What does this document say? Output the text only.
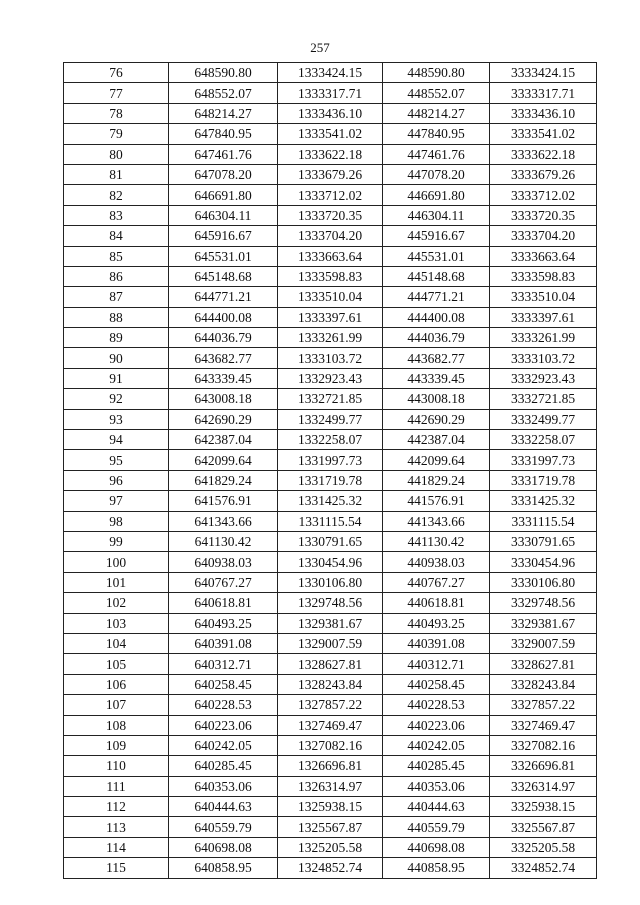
257
76	648590.80	1333424.15	448590.80	3333424.15
77	648552.07	1333317.71	448552.07	3333317.71
78	648214.27	1333436.10	448214.27	3333436.10
79	647840.95	1333541.02	447840.95	3333541.02
80	647461.76	1333622.18	447461.76	3333622.18
81	647078.20	1333679.26	447078.20	3333679.26
82	646691.80	1333712.02	446691.80	3333712.02
83	646304.11	1333720.35	446304.11	3333720.35
84	645916.67	1333704.20	445916.67	3333704.20
85	645531.01	1333663.64	445531.01	3333663.64
86	645148.68	1333598.83	445148.68	3333598.83
87	644771.21	1333510.04	444771.21	3333510.04
88	644400.08	1333397.61	444400.08	3333397.61
89	644036.79	1333261.99	444036.79	3333261.99
90	643682.77	1333103.72	443682.77	3333103.72
91	643339.45	1332923.43	443339.45	3332923.43
92	643008.18	1332721.85	443008.18	3332721.85
93	642690.29	1332499.77	442690.29	3332499.77
94	642387.04	1332258.07	442387.04	3332258.07
95	642099.64	1331997.73	442099.64	3331997.73
96	641829.24	1331719.78	441829.24	3331719.78
97	641576.91	1331425.32	441576.91	3331425.32
98	641343.66	1331115.54	441343.66	3331115.54
99	641130.42	1330791.65	441130.42	3330791.65
100	640938.03	1330454.96	440938.03	3330454.96
101	640767.27	1330106.80	440767.27	3330106.80
102	640618.81	1329748.56	440618.81	3329748.56
103	640493.25	1329381.67	440493.25	3329381.67
104	640391.08	1329007.59	440391.08	3329007.59
105	640312.71	1328627.81	440312.71	3328627.81
106	640258.45	1328243.84	440258.45	3328243.84
107	640228.53	1327857.22	440228.53	3327857.22
108	640223.06	1327469.47	440223.06	3327469.47
109	640242.05	1327082.16	440242.05	3327082.16
110	640285.45	1326696.81	440285.45	3326696.81
111	640353.06	1326314.97	440353.06	3326314.97
112	640444.63	1325938.15	440444.63	3325938.15
113	640559.79	1325567.87	440559.79	3325567.87
114	640698.08	1325205.58	440698.08	3325205.58
115	640858.95	1324852.74	440858.95	3324852.74
